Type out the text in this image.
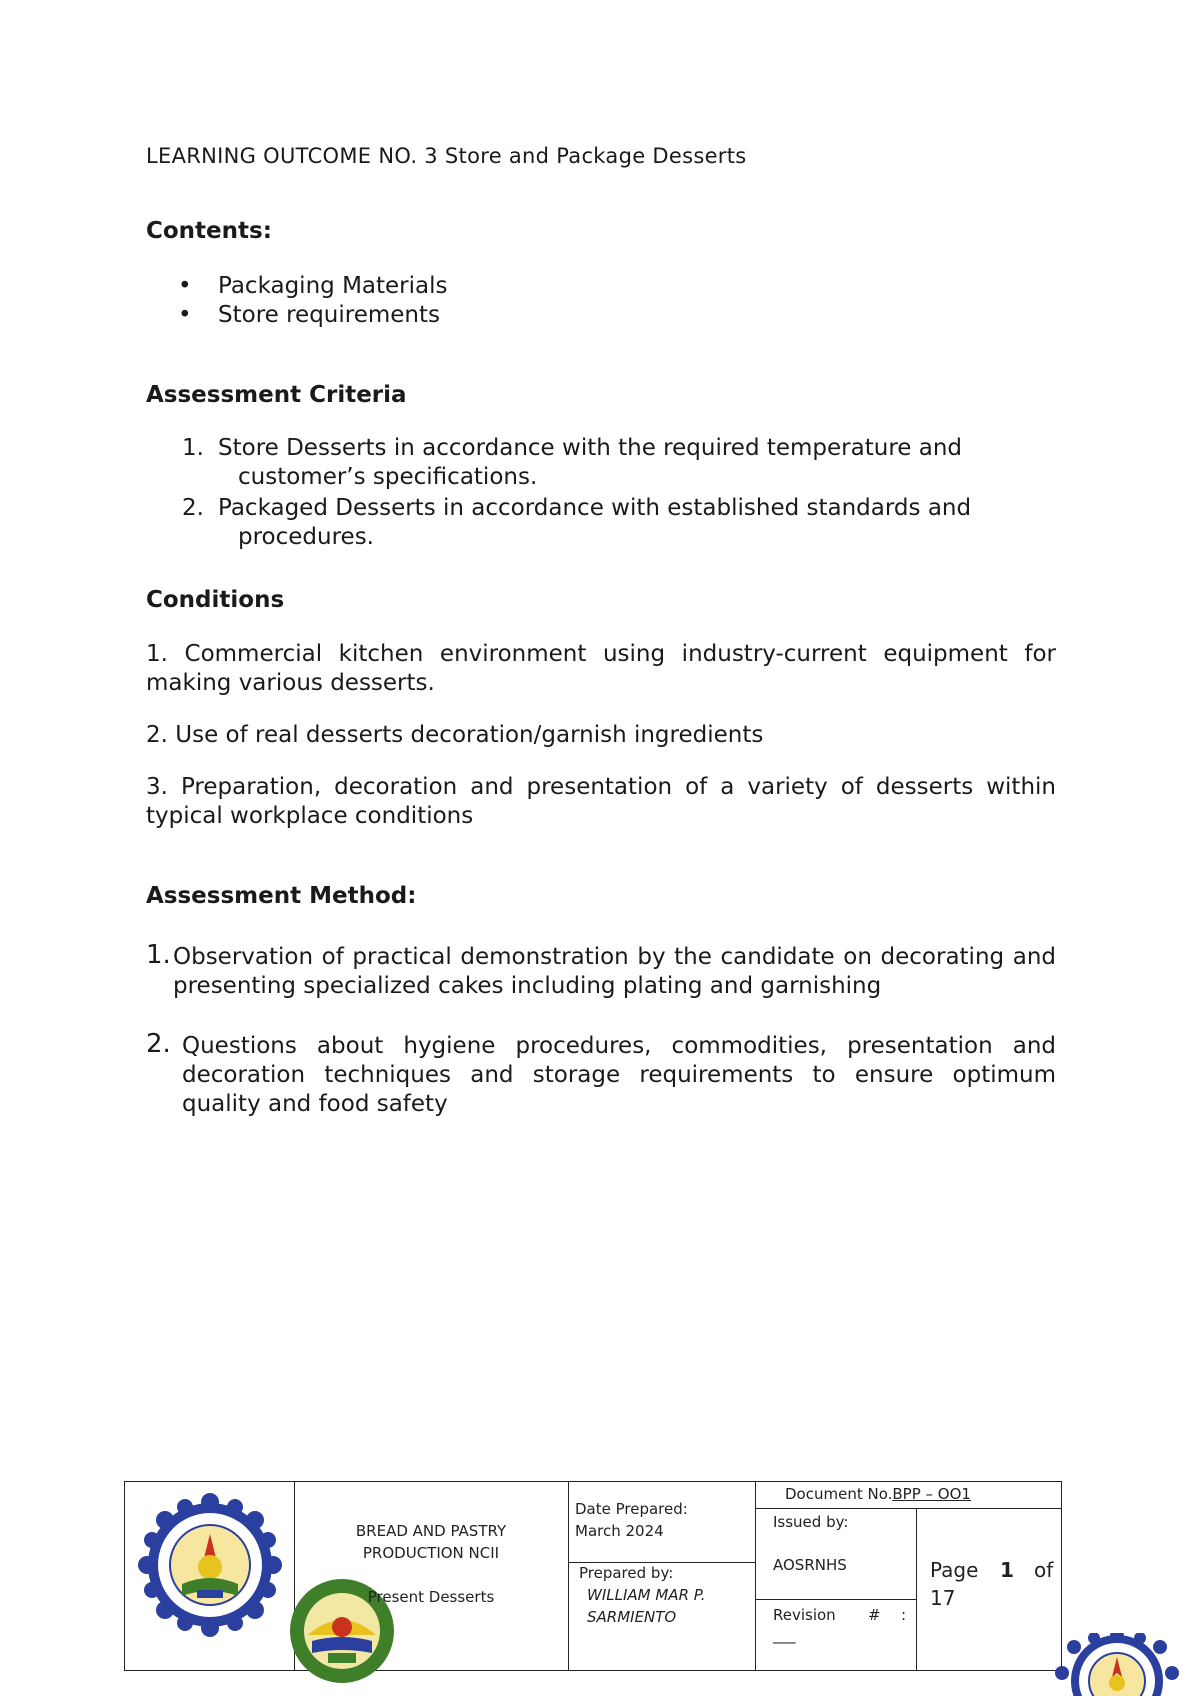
LEARNING OUTCOME NO. 3 Store and Package Desserts
Contents:
• Packaging Materials
• Store requirements
Assessment Criteria
1. Store Desserts in accordance with the required temperature and
customer’s specifications.
2. Packaged Desserts in accordance with established standards and
procedures.
Conditions
1. Commercial kitchen environment using industry-current equipment for making various desserts.
2. Use of real desserts decoration/garnish ingredients
3. Preparation, decoration and presentation of a variety of desserts within typical workplace conditions
Assessment Method:
1. Observation of practical demonstration by the candidate on decorating and presenting specialized cakes including plating and garnishing
2. Questions about hygiene procedures, commodities, presentation and decoration techniques and storage requirements to ensure optimum quality and food safety
BREAD AND PASTRY
PRODUCTION NCII
Present Desserts
Date Prepared:
March 2024
Prepared by:
WILLIAM MAR P.
SARMIENTO
Document No.BPP – OO1
Issued by:
AOSRNHS
Revision # :
___
Page 1 of
17
